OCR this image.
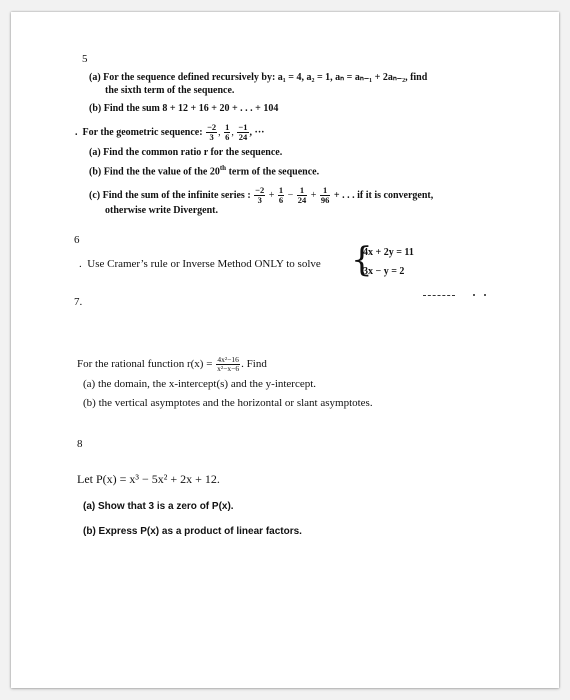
5
(a) For the sequence defined recursively by: a₁ = 4, a₂ = 1, aₙ = aₙ₋₁ + 2aₙ₋₂, find
the sixth term of the sequence.
(b) Find the sum 8 + 12 + 16 + 20 + . . . + 104
. For the geometric sequence: $\frac{-2}{3}$ , $\frac{1}{6}$ , $\frac{-1}{24}$ , ···
(a) Find the common ratio r for the sequence.
(b) Find the the value of the 20th term of the sequence.
(c) Find the sum of the infinite series : $\frac{-2}{3} + \frac{1}{6} - \frac{1}{24} + \frac{1}{96}$ + . . . if it is convergent,
otherwise write Divergent.
6
. Use Cramer’s rule or Inverse Method ONLY to solve {
4x + 2y = 11
3x − y = 2
7.
For the rational function $r(x) = \frac{\text{4x²−16}}{\text{x²−x−6}}$ . Find
(a) the domain, the x-intercept(s) and the y-intercept.
(b) the vertical asymptotes and the horizontal or slant asymptotes.
8
Let P(x) = x³ − 5x² + 2x + 12.
(a) Show that 3 is a zero of P(x).
(b) Express P(x) as a product of linear factors.
